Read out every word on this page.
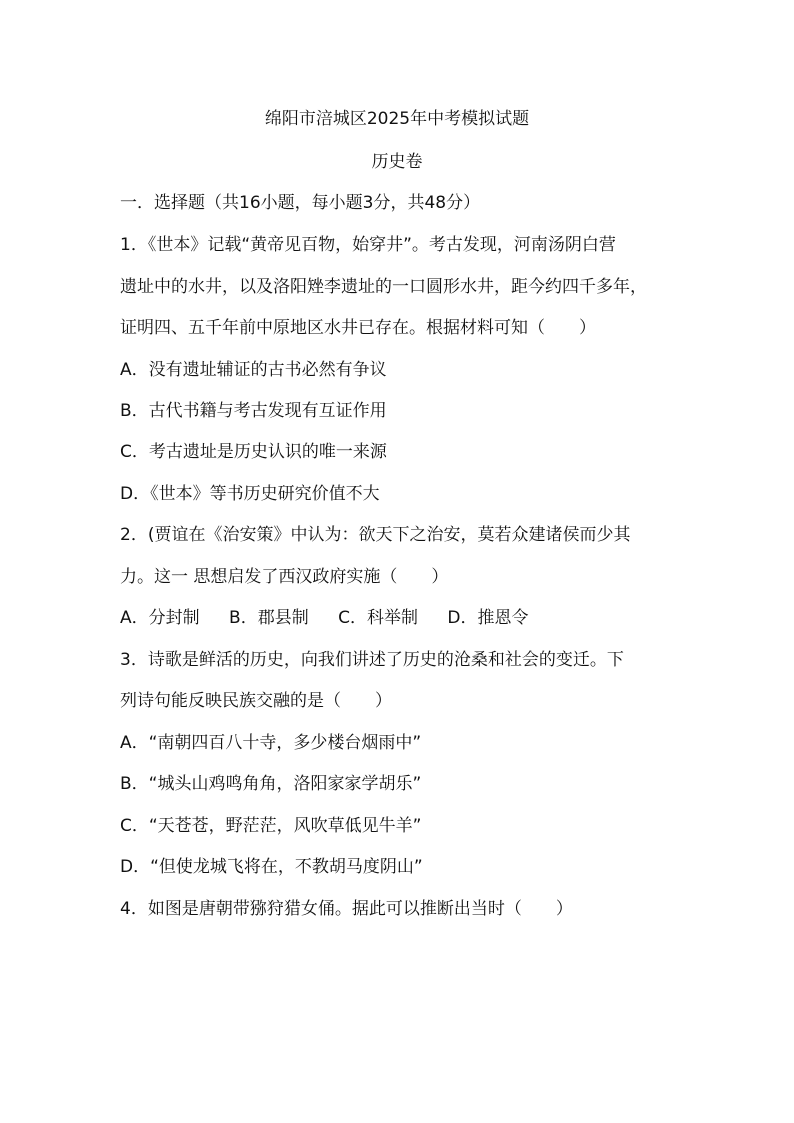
绵阳市涪城区2025年中考模拟试题
历史卷
一．选择题（共16小题，每小题3分，共48分）
1．《世本》记载“黄帝见百物，始穿井”。考古发现，河南汤阴白营
遗址中的水井，以及洛阳矬李遗址的一口圆形水井，距今约四千多年，
证明四、五千年前中原地区水井已存在。根据材料可知（　　）
A．没有遗址辅证的古书必然有争议
B．古代书籍与考古发现有互证作用
C．考古遗址是历史认识的唯一来源
D．《世本》等书历史研究价值不大
2．(贾谊在《治安策》中认为：欲天下之治安，莫若众建诸侯而少其
力。这一 思想启发了西汉政府实施（　　）
A．分封制 B．郡县制 C．科举制 D．推恩令
3．诗歌是鲜活的历史，向我们讲述了历史的沧桑和社会的变迁。下
列诗句能反映民族交融的是（　　）
A．“南朝四百八十寺，多少楼台烟雨中”
B．“城头山鸡鸣角角，洛阳家家学胡乐”
C．“天苍苍，野茫茫，风吹草低见牛羊”
D．“但使龙城飞将在，不教胡马度阴山”
4．如图是唐朝带猕狩猎女俑。据此可以推断出当时（　　）
